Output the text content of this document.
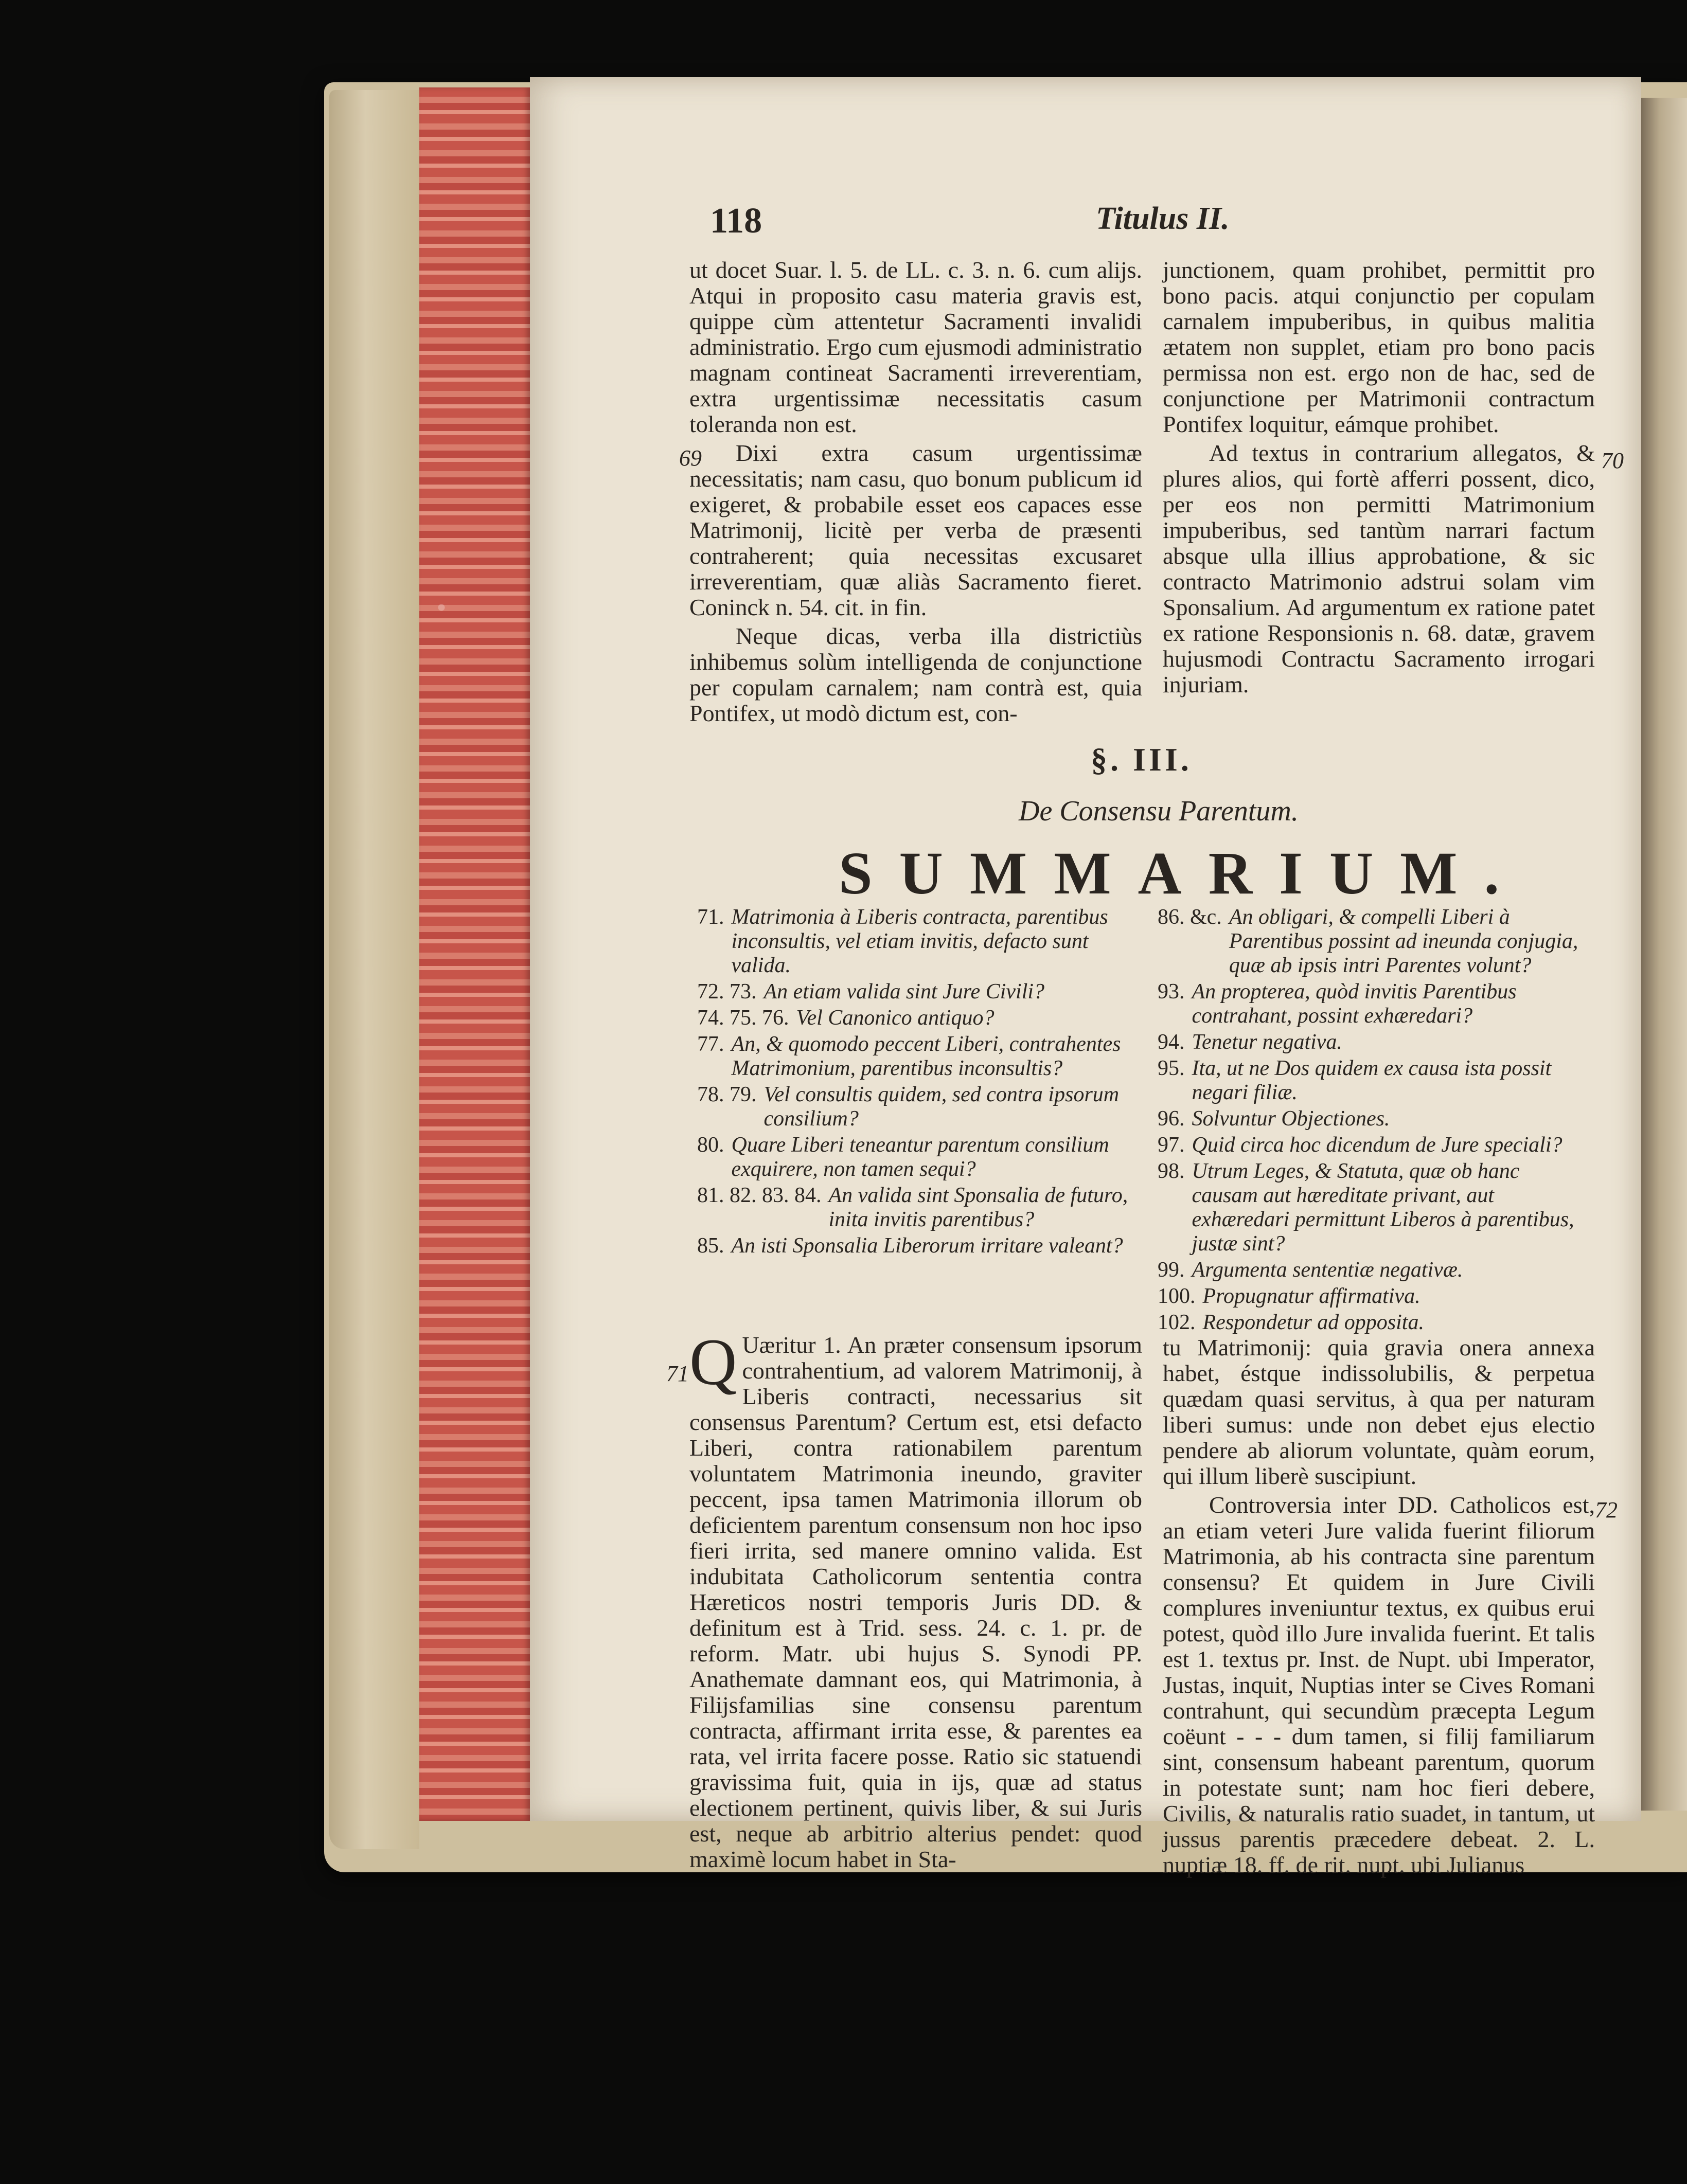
118	Titulus II.

ut docet Suar. l. 5. de LL. c. 3. n. 6. cum alijs. Atqui in proposito casu materia gravis est, quippe cùm attentetur Sacramenti invalidi administratio. Ergo cum ejusmodi administratio magnam contineat Sacramenti irreverentiam, extra urgentissimæ necessitatis casum toleranda non est.

Dixi extra casum urgentissimæ necessitatis; nam casu, quo bonum publicum id exigeret, & probabile esset eos capaces esse Matrimonij, licitè per verba de præsenti contraherent; quia necessitas excusaret irreverentiam, quæ aliàs Sacramento fieret. Coninck n. 54. cit. in fin.

Neque dicas, verba illa districtiùs inhibemus solùm intelligenda de conjunctione per copulam carnalem; nam contrà est, quia Pontifex, ut modò dictum est, con-

junctionem, quam prohibet, permittit pro bono pacis. atqui conjunctio per copulam carnalem impuberibus, in quibus malitia ætatem non supplet, etiam pro bono pacis permissa non est. ergo non de hac, sed de conjunctione per Matrimonii contractum Pontifex loquitur, eámque prohibet.

Ad textus in contrarium allegatos, & plures alios, qui fortè afferri possent, dico, per eos non permitti Matrimonium impuberibus, sed tantùm narrari factum absque ulla illius approbatione, & sic contracto Matrimonio adstrui solam vim Sponsalium. Ad argumentum ex ratione patet ex ratione Responsionis n. 68. datæ, gravem hujusmodi Contractu Sacramento irrogari injuriam.

69	70
71
72
§. III.
De Consensu Parentum.
SUMMARIUM.
71. Matrimonia à Liberis contracta, parentibus inconsultis, vel etiam invitis, defacto sunt valida.
72. 73. An etiam valida sint Jure Civili?
74. 75. 76. Vel Canonico antiquo?
77. An, & quomodo peccent Liberi, contrahentes Matrimonium, parentibus inconsultis?
78. 79. Vel consultis quidem, sed contra ipsorum consilium?
80. Quare Liberi teneantur parentum consilium exquirere, non tamen sequi?
81. 82. 83. 84. An valida sint Sponsalia de futuro, inita invitis parentibus?
85. An isti Sponsalia Liberorum irritare valeant?
86. &c. An obligari, & compelli Liberi à Parentibus possint ad ineunda conjugia, quæ ab ipsis intri Parentes volunt?
93. An propterea, quòd invitis Parentibus contrahant, possint exhæredari?
94. Tenetur negativa.
95. Ita, ut ne Dos quidem ex causa ista possit negari filiæ.
96. Solvuntur Objectiones.
97. Quid circa hoc dicendum de Jure speciali?
98. Utrum Leges, & Statuta, quæ ob hanc causam aut hæreditate privant, aut exhæredari permittunt Liberos à parentibus, justæ sint?
99. Argumenta sententiæ negativæ.
100. Propugnatur affirmativa.
102. Respondetur ad opposita.

Q Uæritur 1. An præter consensum ipsorum contrahentium, ad valorem Matrimonij, à Liberis contracti, necessarius sit consensus Parentum? Certum est, etsi defacto Liberi, contra rationabilem parentum voluntatem Matrimonia ineundo, graviter peccent, ipsa tamen Matrimonia illorum ob deficientem parentum consensum non hoc ipso fieri irrita, sed manere omnino valida. Est indubitata Catholicorum sententia contra Hæreticos nostri temporis Juris DD. & definitum est à Trid. sess. 24. c. 1. pr. de reform. Matr. ubi hujus S. Synodi PP. Anathemate damnant eos, qui Matrimonia, à Filijsfamilias sine consensu parentum contracta, affirmant irrita esse, & parentes ea rata, vel irrita facere posse. Ratio sic statuendi gravissima fuit, quia in ijs, quæ ad status electionem pertinent, quivis liber, & sui Juris est, neque ab arbitrio alterius pendet: quod maximè locum habet in Sta-

tu Matrimonij: quia gravia onera annexa habet, éstque indissolubilis, & perpetua quædam quasi servitus, à qua per naturam liberi sumus: unde non debet ejus electio pendere ab aliorum voluntate, quàm eorum, qui illum liberè suscipiunt.

Controversia inter DD. Catholicos est, an etiam veteri Jure valida fuerint filiorum Matrimonia, ab his contracta sine parentum consensu? Et quidem in Jure Civili complures inveniuntur textus, ex quibus erui potest, quòd illo Jure invalida fuerint. Et talis est 1. textus pr. Inst. de Nupt. ubi Imperator, Justas, inquit, Nuptias inter se Cives Romani contrahunt, qui secundùm præcepta Legum coëunt - - - dum tamen, si filij familiarum sint, consensum habeant parentum, quorum in potestate sunt; nam hoc fieri debere, Civilis, & naturalis ratio suadet, in tantum, ut jussus parentis præcedere debeat. 2. L. nuptiæ 18. ff. de rit. nupt. ubi Julianus
